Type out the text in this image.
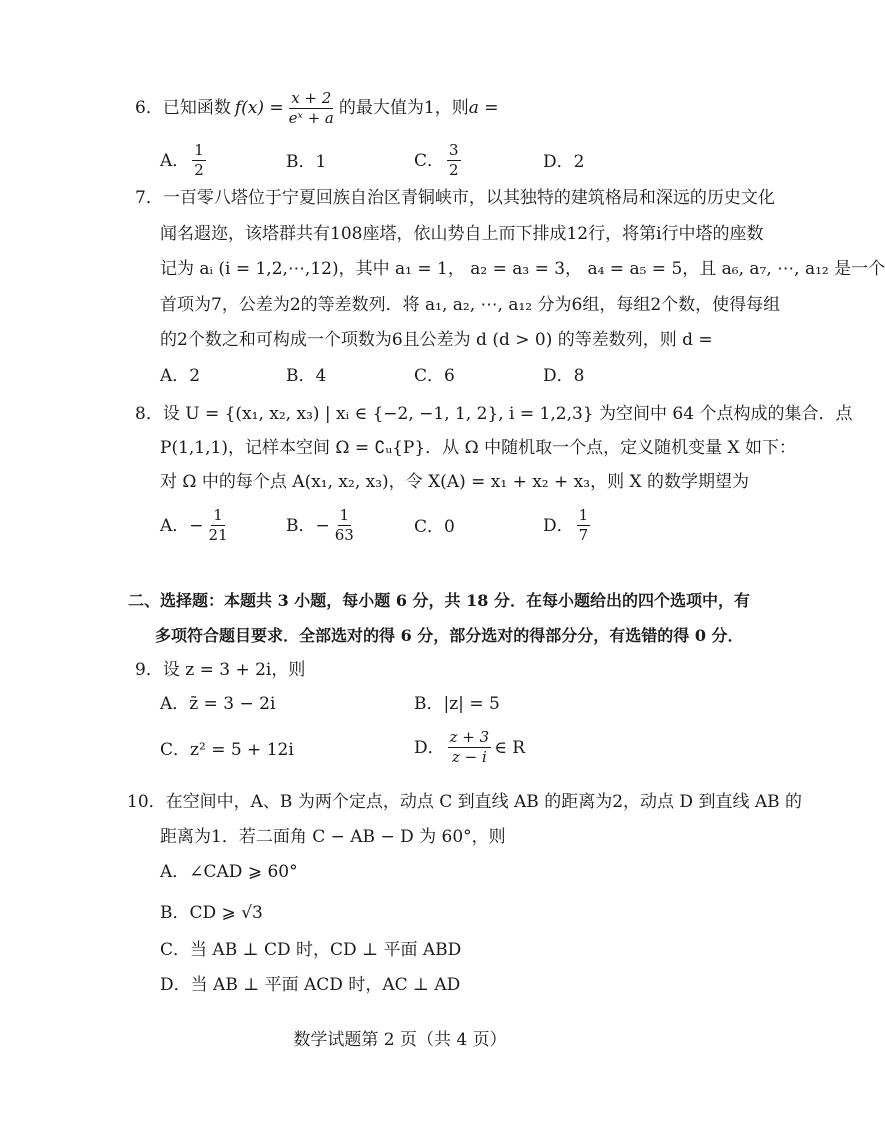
6． 已知函数 $f(x) = \frac{x + 2}{\text{eˣ + a}}$ 的最大值为1，则 a =
A． $\frac{1}{2}$	B．1	C． $\frac{3}{2}$	D．2
7．一百零八塔位于宁夏回族自治区青铜峡市，以其独特的建筑格局和深远的历史文化
闻名遐迩，该塔群共有108座塔，依山势自上而下排成12行，将第i行中塔的座数
记为 aᵢ (i = 1,2,⋯,12)，其中 a₁ = 1， a₂ = a₃ = 3， a₄ = a₅ = 5，且 a₆, a₇, ⋯, a₁₂ 是一个
首项为7，公差为2的等差数列．将 a₁, a₂, ⋯, a₁₂ 分为6组，每组2个数，使得每组
的2个数之和可构成一个项数为6且公差为 d (d > 0) 的等差数列，则 d =
A．2	B．4	C．6	D．8
8．设 U = {(x₁, x₂, x₃) | xᵢ ∈ {−2, −1, 1, 2}, i = 1,2,3} 为空间中 64 个点构成的集合．点
P(1,1,1)，记样本空间 Ω = ∁ᵤ{P}．从 Ω 中随机取一个点，定义随机变量 X 如下：
对 Ω 中的每个点 A(x₁, x₂, x₃)，令 X(A) = x₁ + x₂ + x₃，则 X 的数学期望为
A． − $\frac{1}{21}$	B． − $\frac{1}{63}$	C．0	D． $\frac{1}{7}$
二、选择题：本题共 3 小题，每小题 6 分，共 18 分．在每小题给出的四个选项中，有
多项符合题目要求．全部选对的得 6 分，部分选对的得部分分，有选错的得 0 分．
9．设 z = 3 + 2i，则
A．z̄ = 3 − 2i	B．|z| = 5
C．z² = 5 + 12i	D． $\frac{z + 3}{z - i}$ ∈ R
10．在空间中，A、B 为两个定点，动点 C 到直线 AB 的距离为2，动点 D 到直线 AB 的
距离为1．若二面角 C − AB − D 为 60°，则
A．∠CAD ⩾ 60°
B．CD ⩾ √3
C．当 AB ⊥ CD 时，CD ⊥ 平面 ABD
D．当 AB ⊥ 平面 ACD 时，AC ⊥ AD
数学试题第 2 页（共 4 页）
